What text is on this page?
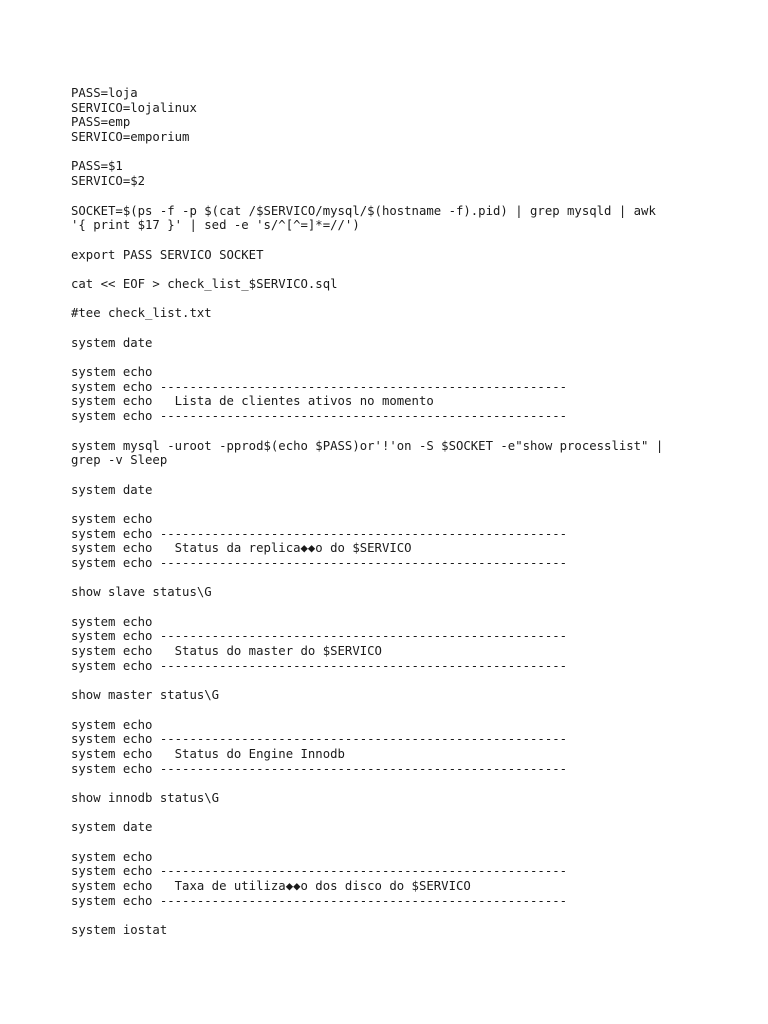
PASS=loja
SERVICO=lojalinux
PASS=emp
SERVICO=emporium
PASS=$1
SERVICO=$2
SOCKET=$(ps -f -p $(cat /$SERVICO/mysql/$(hostname -f).pid) | grep mysqld | awk
'{ print $17 }' | sed -e 's/^[^=]*=//')
export PASS SERVICO SOCKET
cat << EOF > check_list_$SERVICO.sql
#tee check_list.txt
system date
system echo
system echo -------------------------------------------------------
system echo   Lista de clientes ativos no momento
system echo -------------------------------------------------------
system mysql -uroot -pprod$(echo $PASS)or'!'on -S $SOCKET -e"show processlist" |
grep -v Sleep
system date
system echo
system echo -------------------------------------------------------
system echo   Status da replica◆◆o do $SERVICO
system echo -------------------------------------------------------
show slave status\G
system echo
system echo -------------------------------------------------------
system echo   Status do master do $SERVICO
system echo -------------------------------------------------------
show master status\G
system echo
system echo -------------------------------------------------------
system echo   Status do Engine Innodb
system echo -------------------------------------------------------
show innodb status\G
system date
system echo
system echo -------------------------------------------------------
system echo   Taxa de utiliza◆◆o dos disco do $SERVICO
system echo -------------------------------------------------------
system iostat
